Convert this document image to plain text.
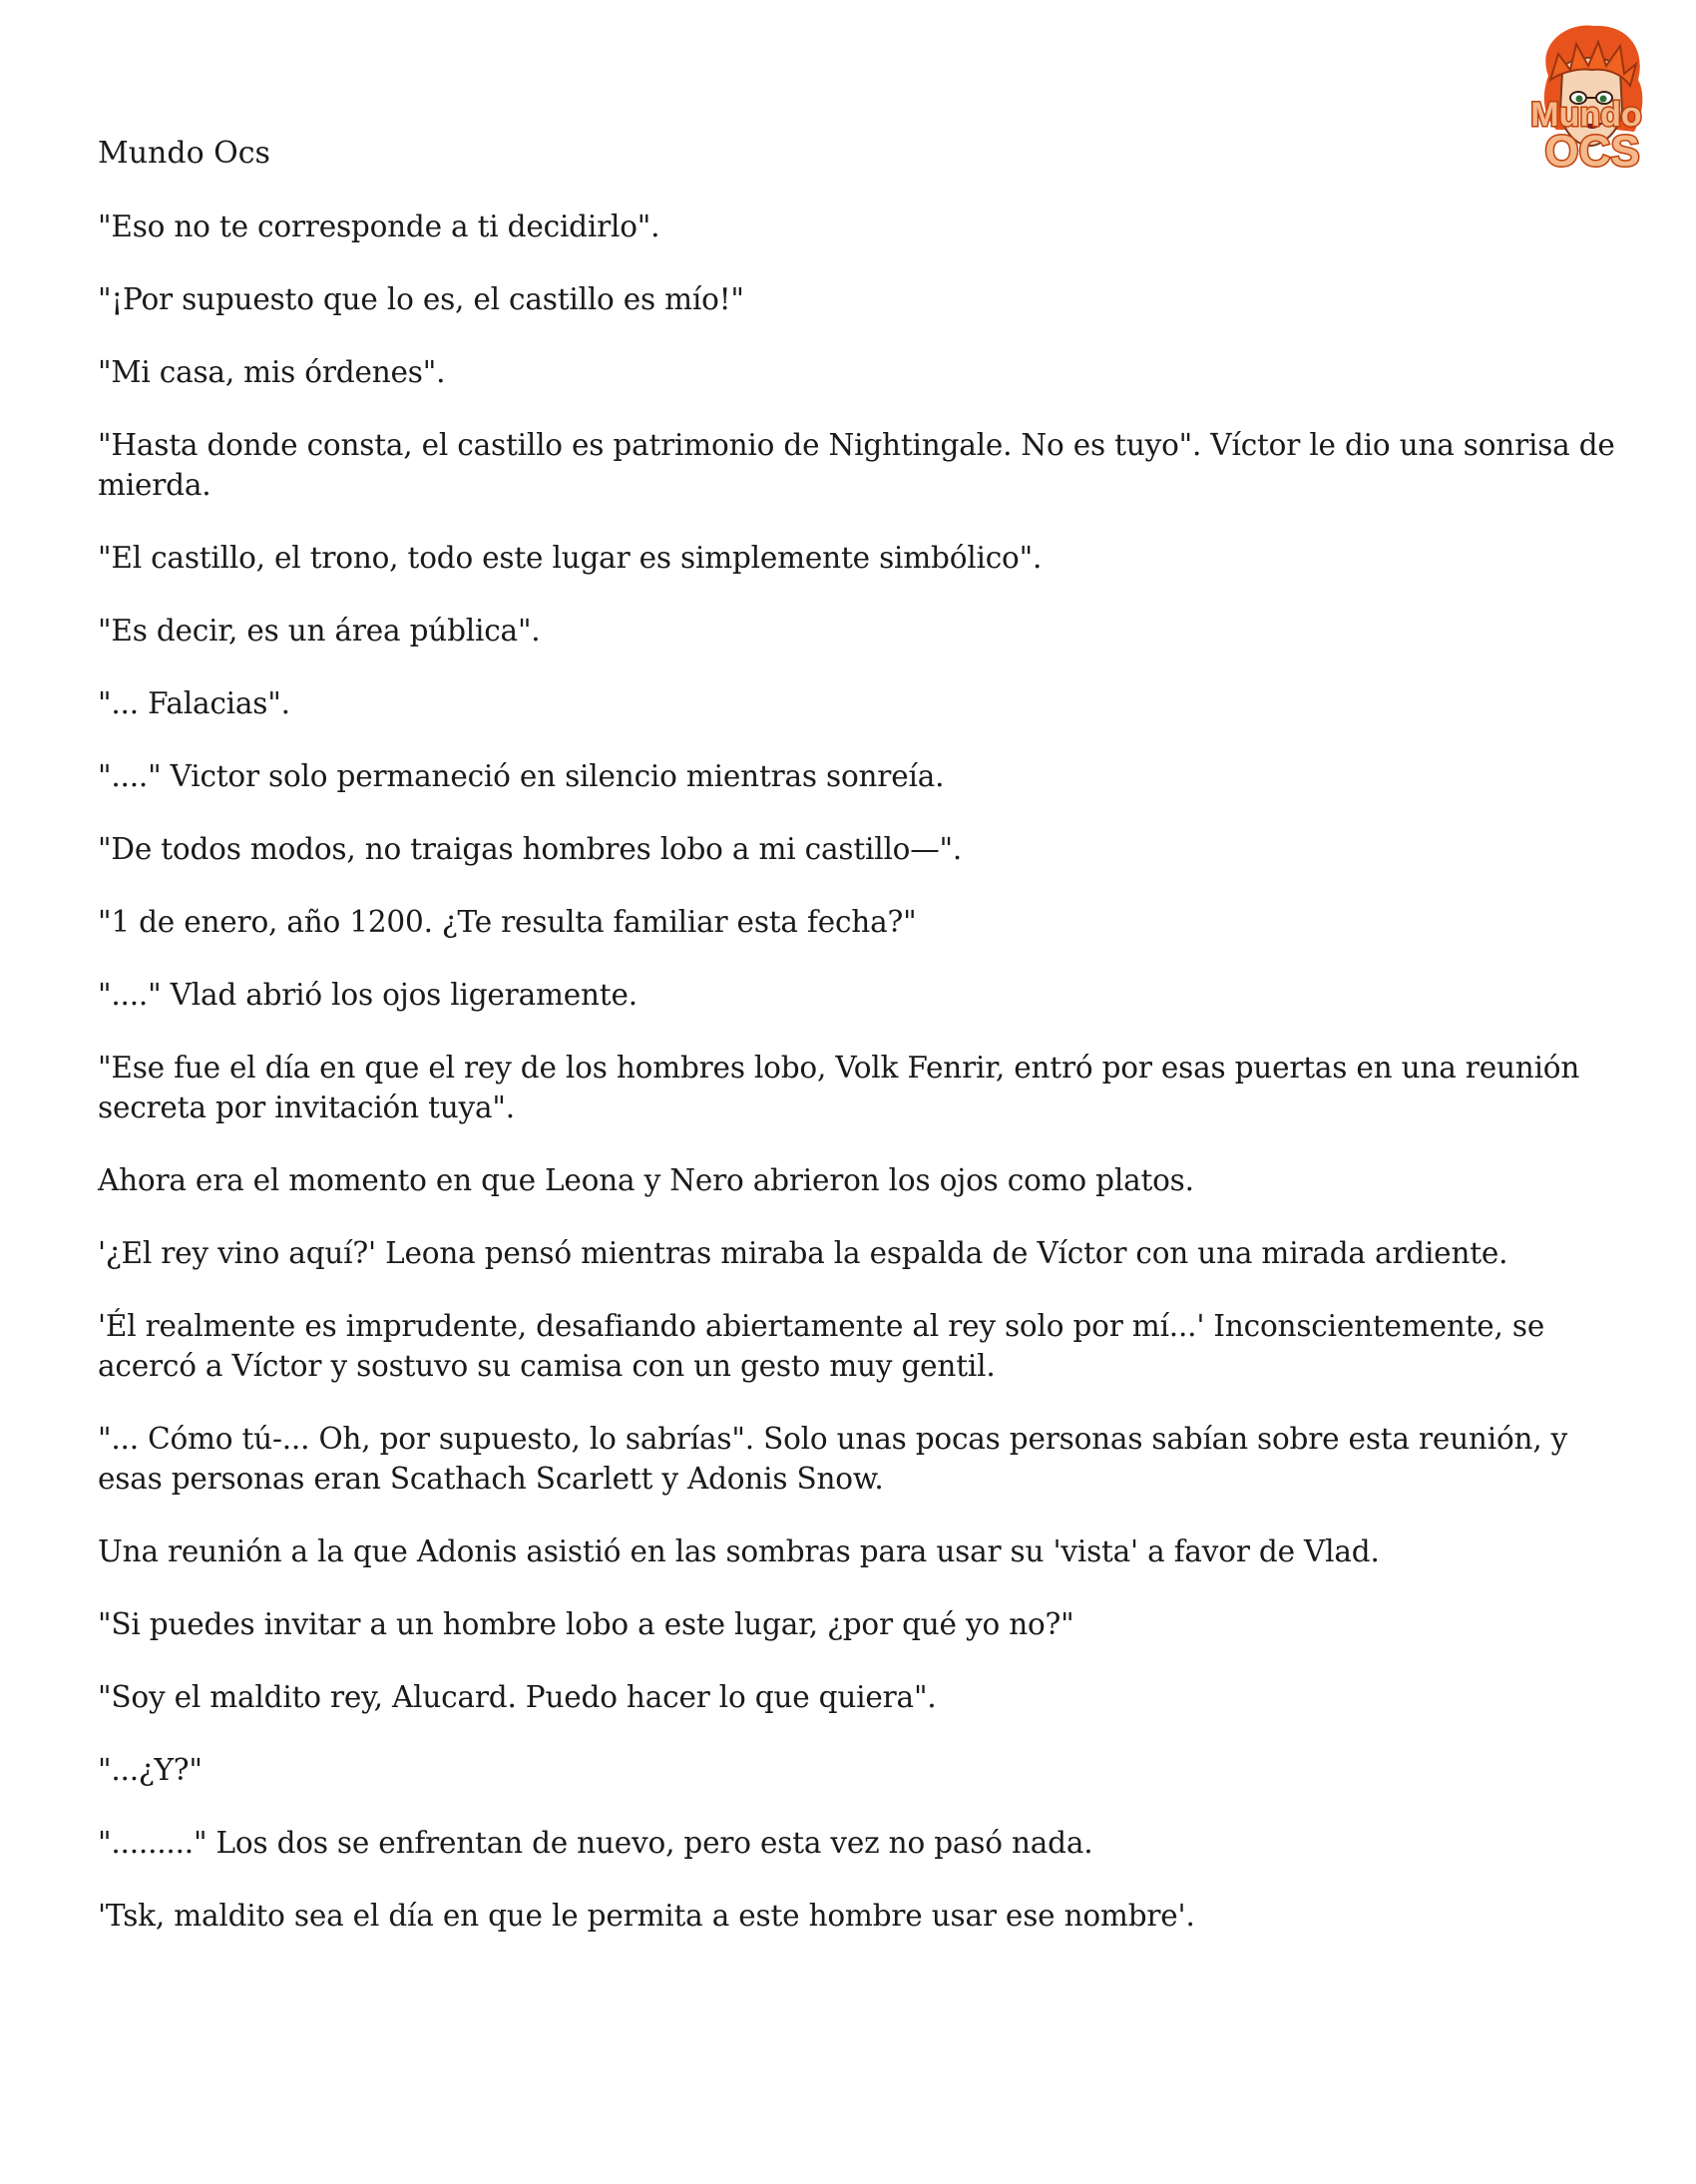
Mundo
OCS
Mundo Ocs

"Eso no te corresponde a ti decidirlo".

"¡Por supuesto que lo es, el castillo es mío!"

"Mi casa, mis órdenes".

"Hasta donde consta, el castillo es patrimonio de Nightingale. No es tuyo". Víctor le dio una sonrisa de mierda.

"El castillo, el trono, todo este lugar es simplemente simbólico".

"Es decir, es un área pública".

"... Falacias".

"...." Victor solo permaneció en silencio mientras sonreía.

"De todos modos, no traigas hombres lobo a mi castillo—".

"1 de enero, año 1200. ¿Te resulta familiar esta fecha?"

"...." Vlad abrió los ojos ligeramente.

"Ese fue el día en que el rey de los hombres lobo, Volk Fenrir, entró por esas puertas en una reunión secreta por invitación tuya".

Ahora era el momento en que Leona y Nero abrieron los ojos como platos.

'¿El rey vino aquí?' Leona pensó mientras miraba la espalda de Víctor con una mirada ardiente.

'Él realmente es imprudente, desafiando abiertamente al rey solo por mí...' Inconscientemente, se acercó a Víctor y sostuvo su camisa con un gesto muy gentil.

"... Cómo tú-... Oh, por supuesto, lo sabrías". Solo unas pocas personas sabían sobre esta reunión, y esas personas eran Scathach Scarlett y Adonis Snow.

Una reunión a la que Adonis asistió en las sombras para usar su 'vista' a favor de Vlad.

"Si puedes invitar a un hombre lobo a este lugar, ¿por qué yo no?"

"Soy el maldito rey, Alucard. Puedo hacer lo que quiera".

"...¿Y?"

"........." Los dos se enfrentan de nuevo, pero esta vez no pasó nada.

'Tsk, maldito sea el día en que le permita a este hombre usar ese nombre'.
